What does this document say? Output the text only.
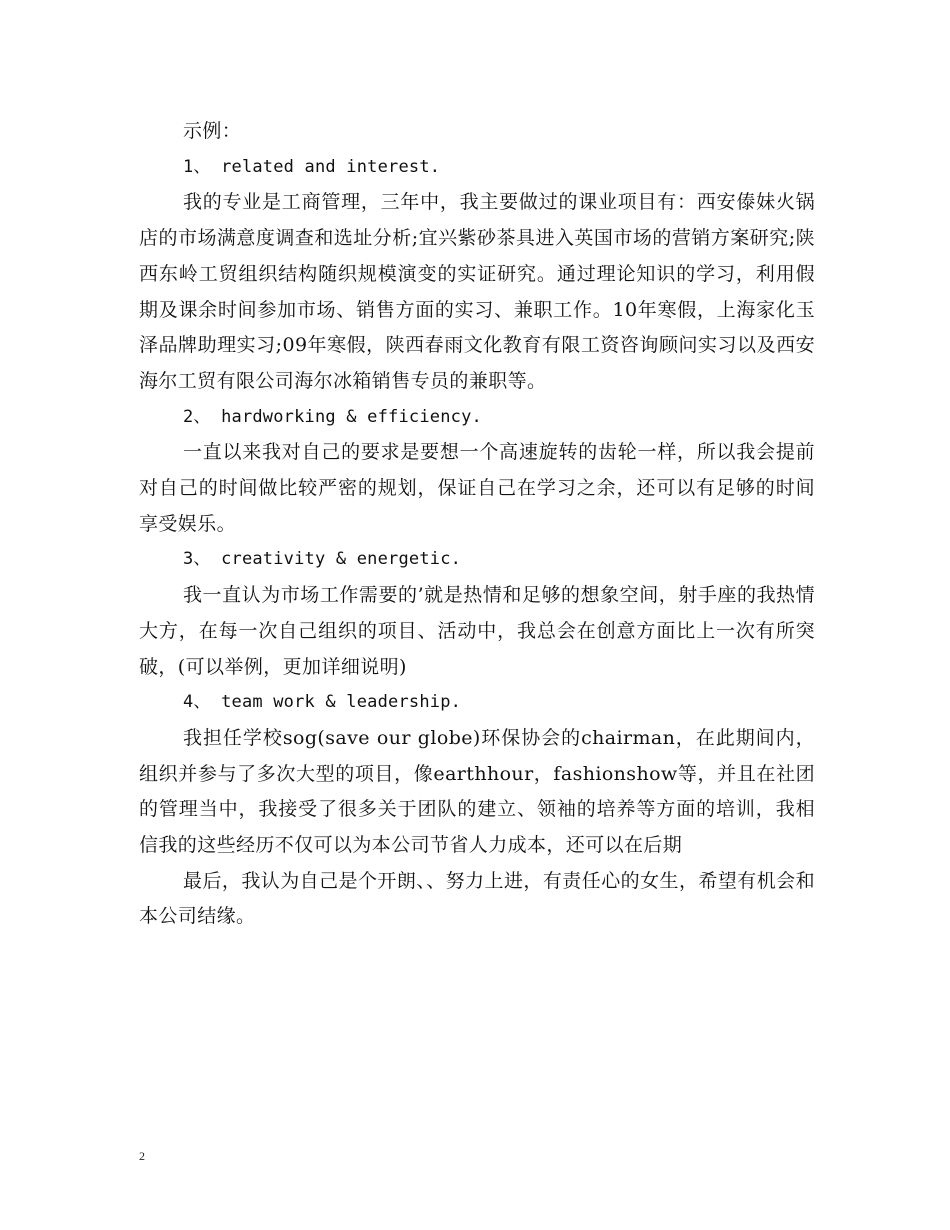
示例：

1、 related and interest.

我的专业是工商管理，三年中，我主要做过的课业项目有：西安傣妹火锅店的市场满意度调查和选址分析;宜兴紫砂茶具进入英国市场的营销方案研究;陕西东岭工贸组织结构随织规模演变的实证研究。通过理论知识的学习，利用假期及课余时间参加市场、销售方面的实习、兼职工作。10年寒假，上海家化玉泽品牌助理实习;09年寒假，陕西春雨文化教育有限工资咨询顾问实习以及西安海尔工贸有限公司海尔冰箱销售专员的兼职等。

2、 hardworking & efficiency.

一直以来我对自己的要求是要想一个高速旋转的齿轮一样，所以我会提前对自己的时间做比较严密的规划，保证自己在学习之余，还可以有足够的时间享受娱乐。

3、 creativity & energetic.

我一直认为市场工作需要的’就是热情和足够的想象空间，射手座的我热情大方，在每一次自己组织的项目、活动中，我总会在创意方面比上一次有所突破，(可以举例，更加详细说明)

4、 team work & leadership.

我担任学校sog(save our globe)环保协会的chairman，在此期间内，组织并参与了多次大型的项目，像earthhour，fashionshow等，并且在社团的管理当中，我接受了很多关于团队的建立、领袖的培养等方面的培训，我相信我的这些经历不仅可以为本公司节省人力成本，还可以在后期

最后，我认为自己是个开朗、、努力上进，有责任心的女生，希望有机会和本公司结缘。

2
